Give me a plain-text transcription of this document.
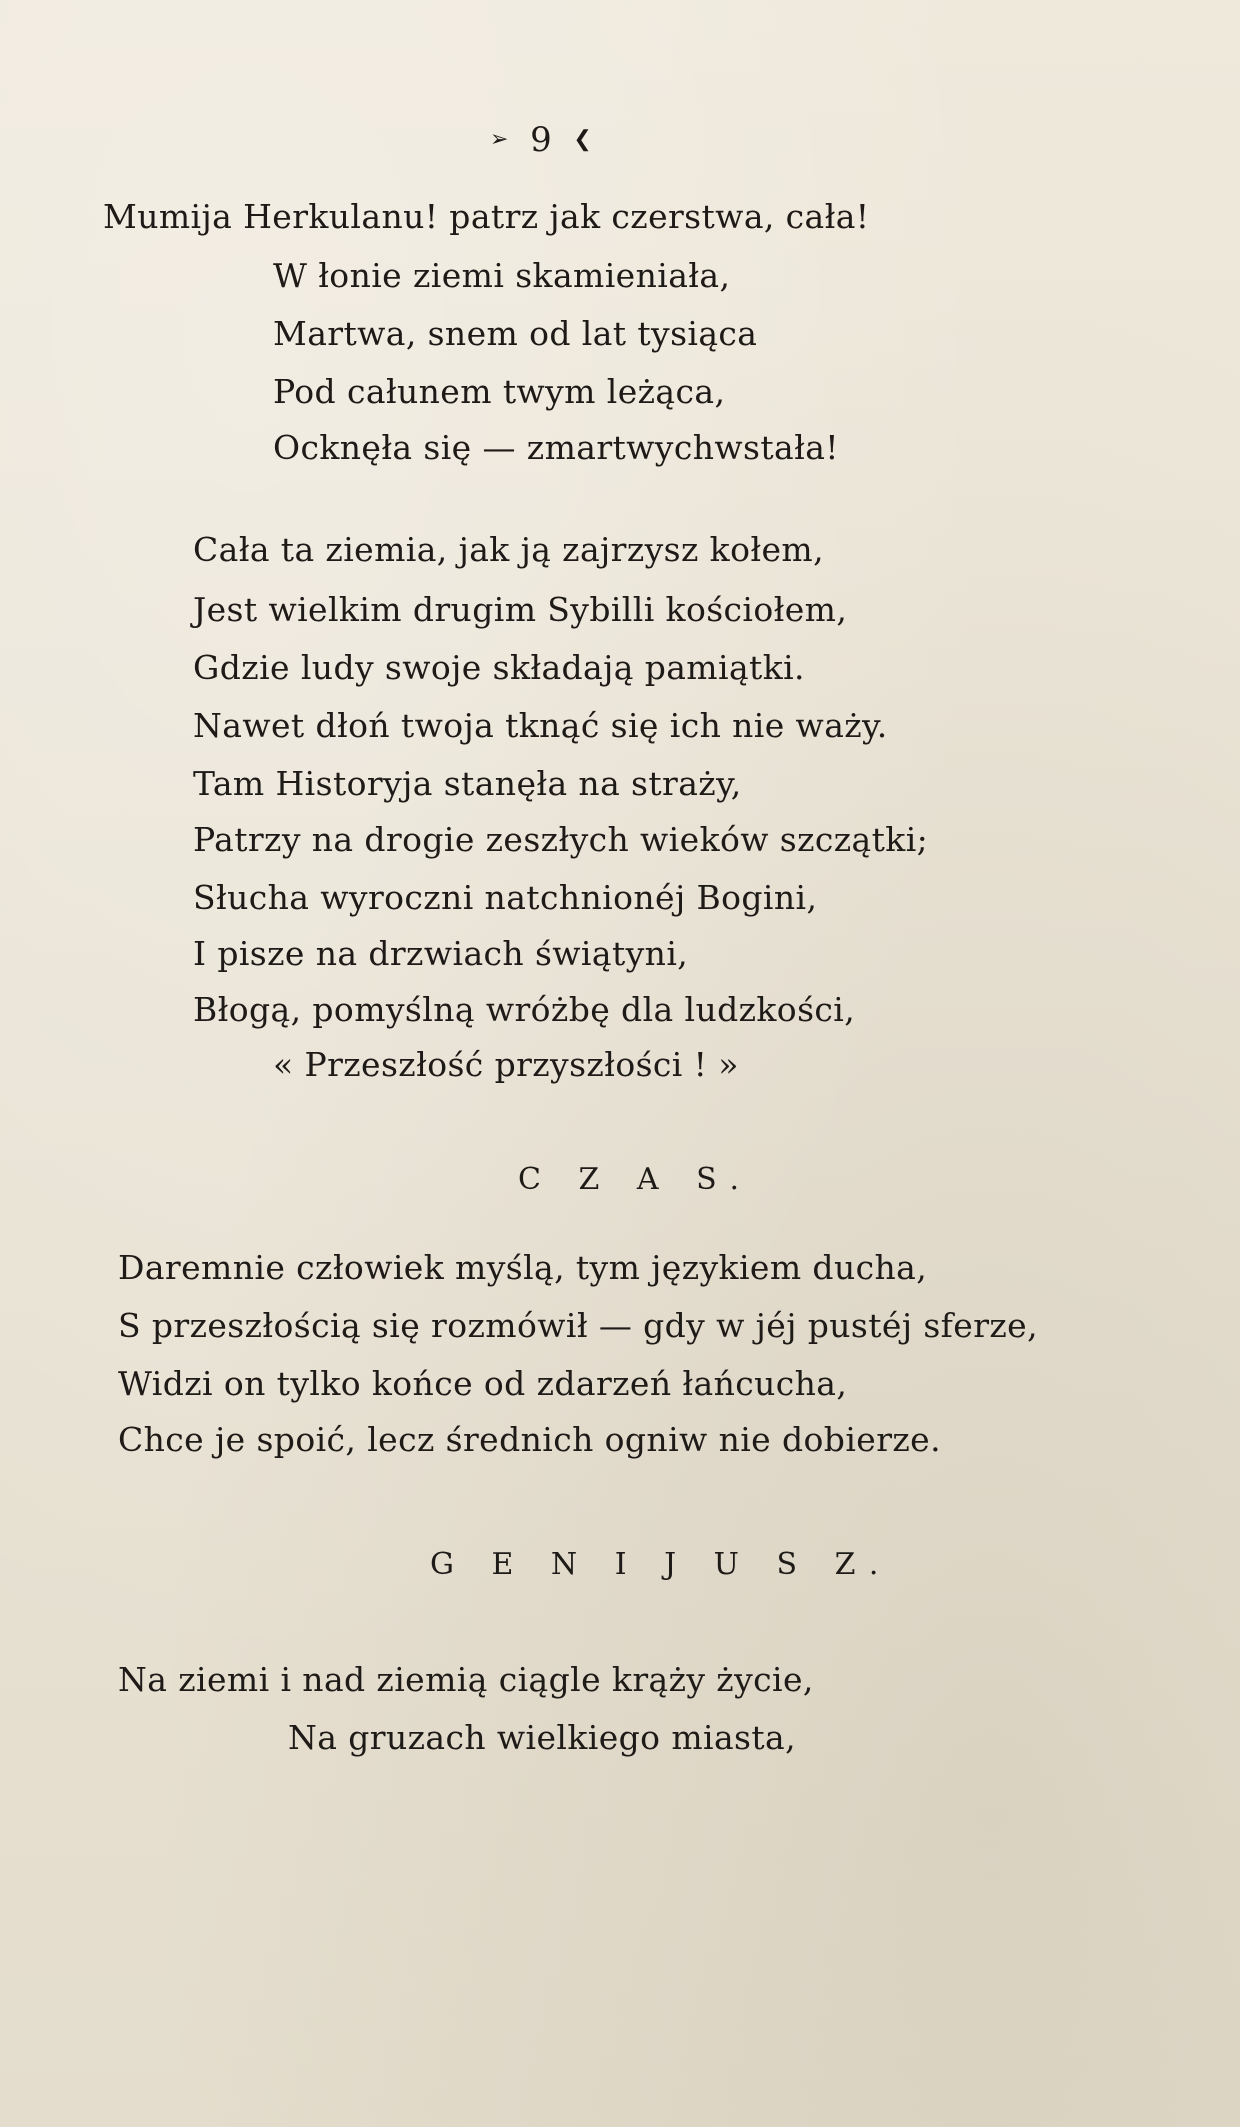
➢ 9 ❮
Mumija Herkulanu! patrz jak czerstwa, cała!
W łonie ziemi skamieniała,
Martwa, snem od lat tysiąca
Pod całunem twym leżąca,
Ocknęła się — zmartwychwstała!
Cała ta ziemia, jak ją zajrzysz kołem,
Jest wielkim drugim Sybilli kościołem,
Gdzie ludy swoje składają pamiątki.
Nawet dłoń twoja tknąć się ich nie waży.
Tam Historyja stanęła na straży,
Patrzy na drogie zeszłych wieków szczątki;
Słucha wyroczni natchnionéj Bogini,
I pisze na drzwiach świątyni,
Błogą, pomyślną wróżbę dla ludzkości,
« Przeszłość przyszłości ! »
C Z A S.
Daremnie człowiek myślą, tym językiem ducha,
S przeszłością się rozmówił — gdy w jéj pustéj sferze,
Widzi on tylko końce od zdarzeń łańcucha,
Chce je spoić, lecz średnich ogniw nie dobierze.
G E N I J U S Z.
Na ziemi i nad ziemią ciągle krąży życie,
Na gruzach wielkiego miasta,
